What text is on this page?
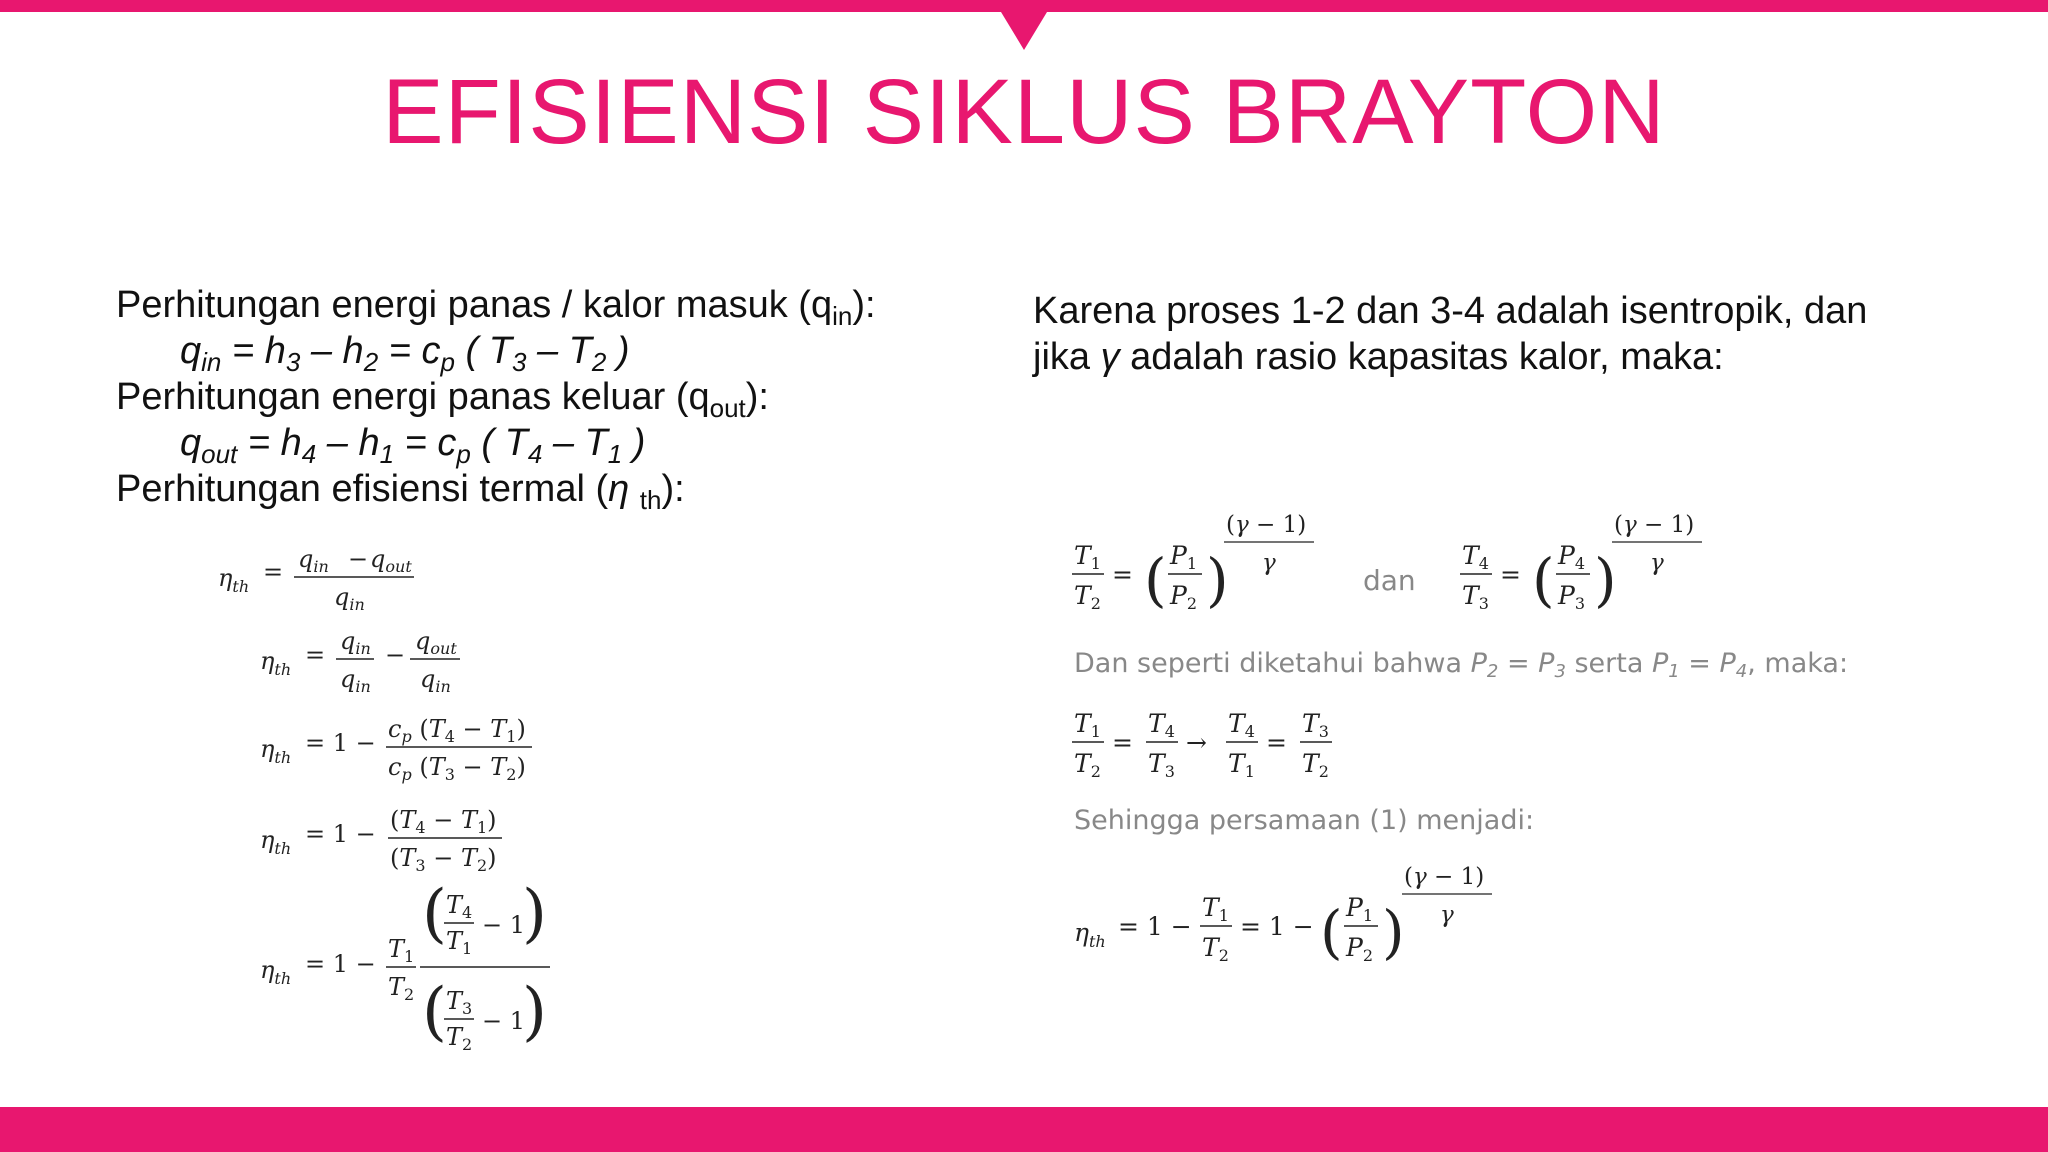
EFISIENSI SIKLUS BRAYTON
Perhitungan energi panas / kalor masuk $(q_{in})$:
$q_{in} = h_3 - h_2 = c_p$ ( $T_3 - T_2$ )
Perhitungan energi panas keluar $(q_{out})$:
$q_{out} = h_4 - h_1 = c_p$ ( $T_4 - T_1$ )
Perhitungan efisiensi termal (η $_{th}$):
$\eta_{th}$
= $q_{in} - q_{out}$
$q_{in}$
$\eta_{th}$
= $q_{in}$
$q_{in}$
− $q_{out}$
$q_{in}$
$\eta_{th}$
= $1 - c_p$ $(T_4 - T_1)$
$c_p$ $(T_3 - T_2)$
$\eta_{th}$
= $1 - (T_4 - T_1)$
$(T_3 - T_2)$
$\eta_{th}$
= 1 −
$T_1$
$T_2$
( $T_4$
$T_1$
− 1
)
( $T_3$
$T_2$
− 1
)
Karena proses 1-2 dan 3-4 adalah isentropik, dan
jika γ adalah rasio kapasitas kalor, maka:
$T_1$
$T_2$
= ( $P_1$
$P_2$ )
(γ − 1)
γ
dan
$T_4$
$T_3$
= ( $P_4$
$P_3$ )
(γ − 1)
γ
Dan seperti diketahui bahwa $P_2 = P_3$ serta $P_1 = P_4$, maka:
$T_1$
$T_2$
=
$T_4$
$T_3$
→
$T_4$
$T_1$
=
$T_3$
$T_2$
Sehingga persamaan (1) menjadi:
$\eta_{th}$
= 1 −
$T_1$
$T_2$
= 1 − ( $P_1$
$P_2$ )
(γ − 1)
γ
